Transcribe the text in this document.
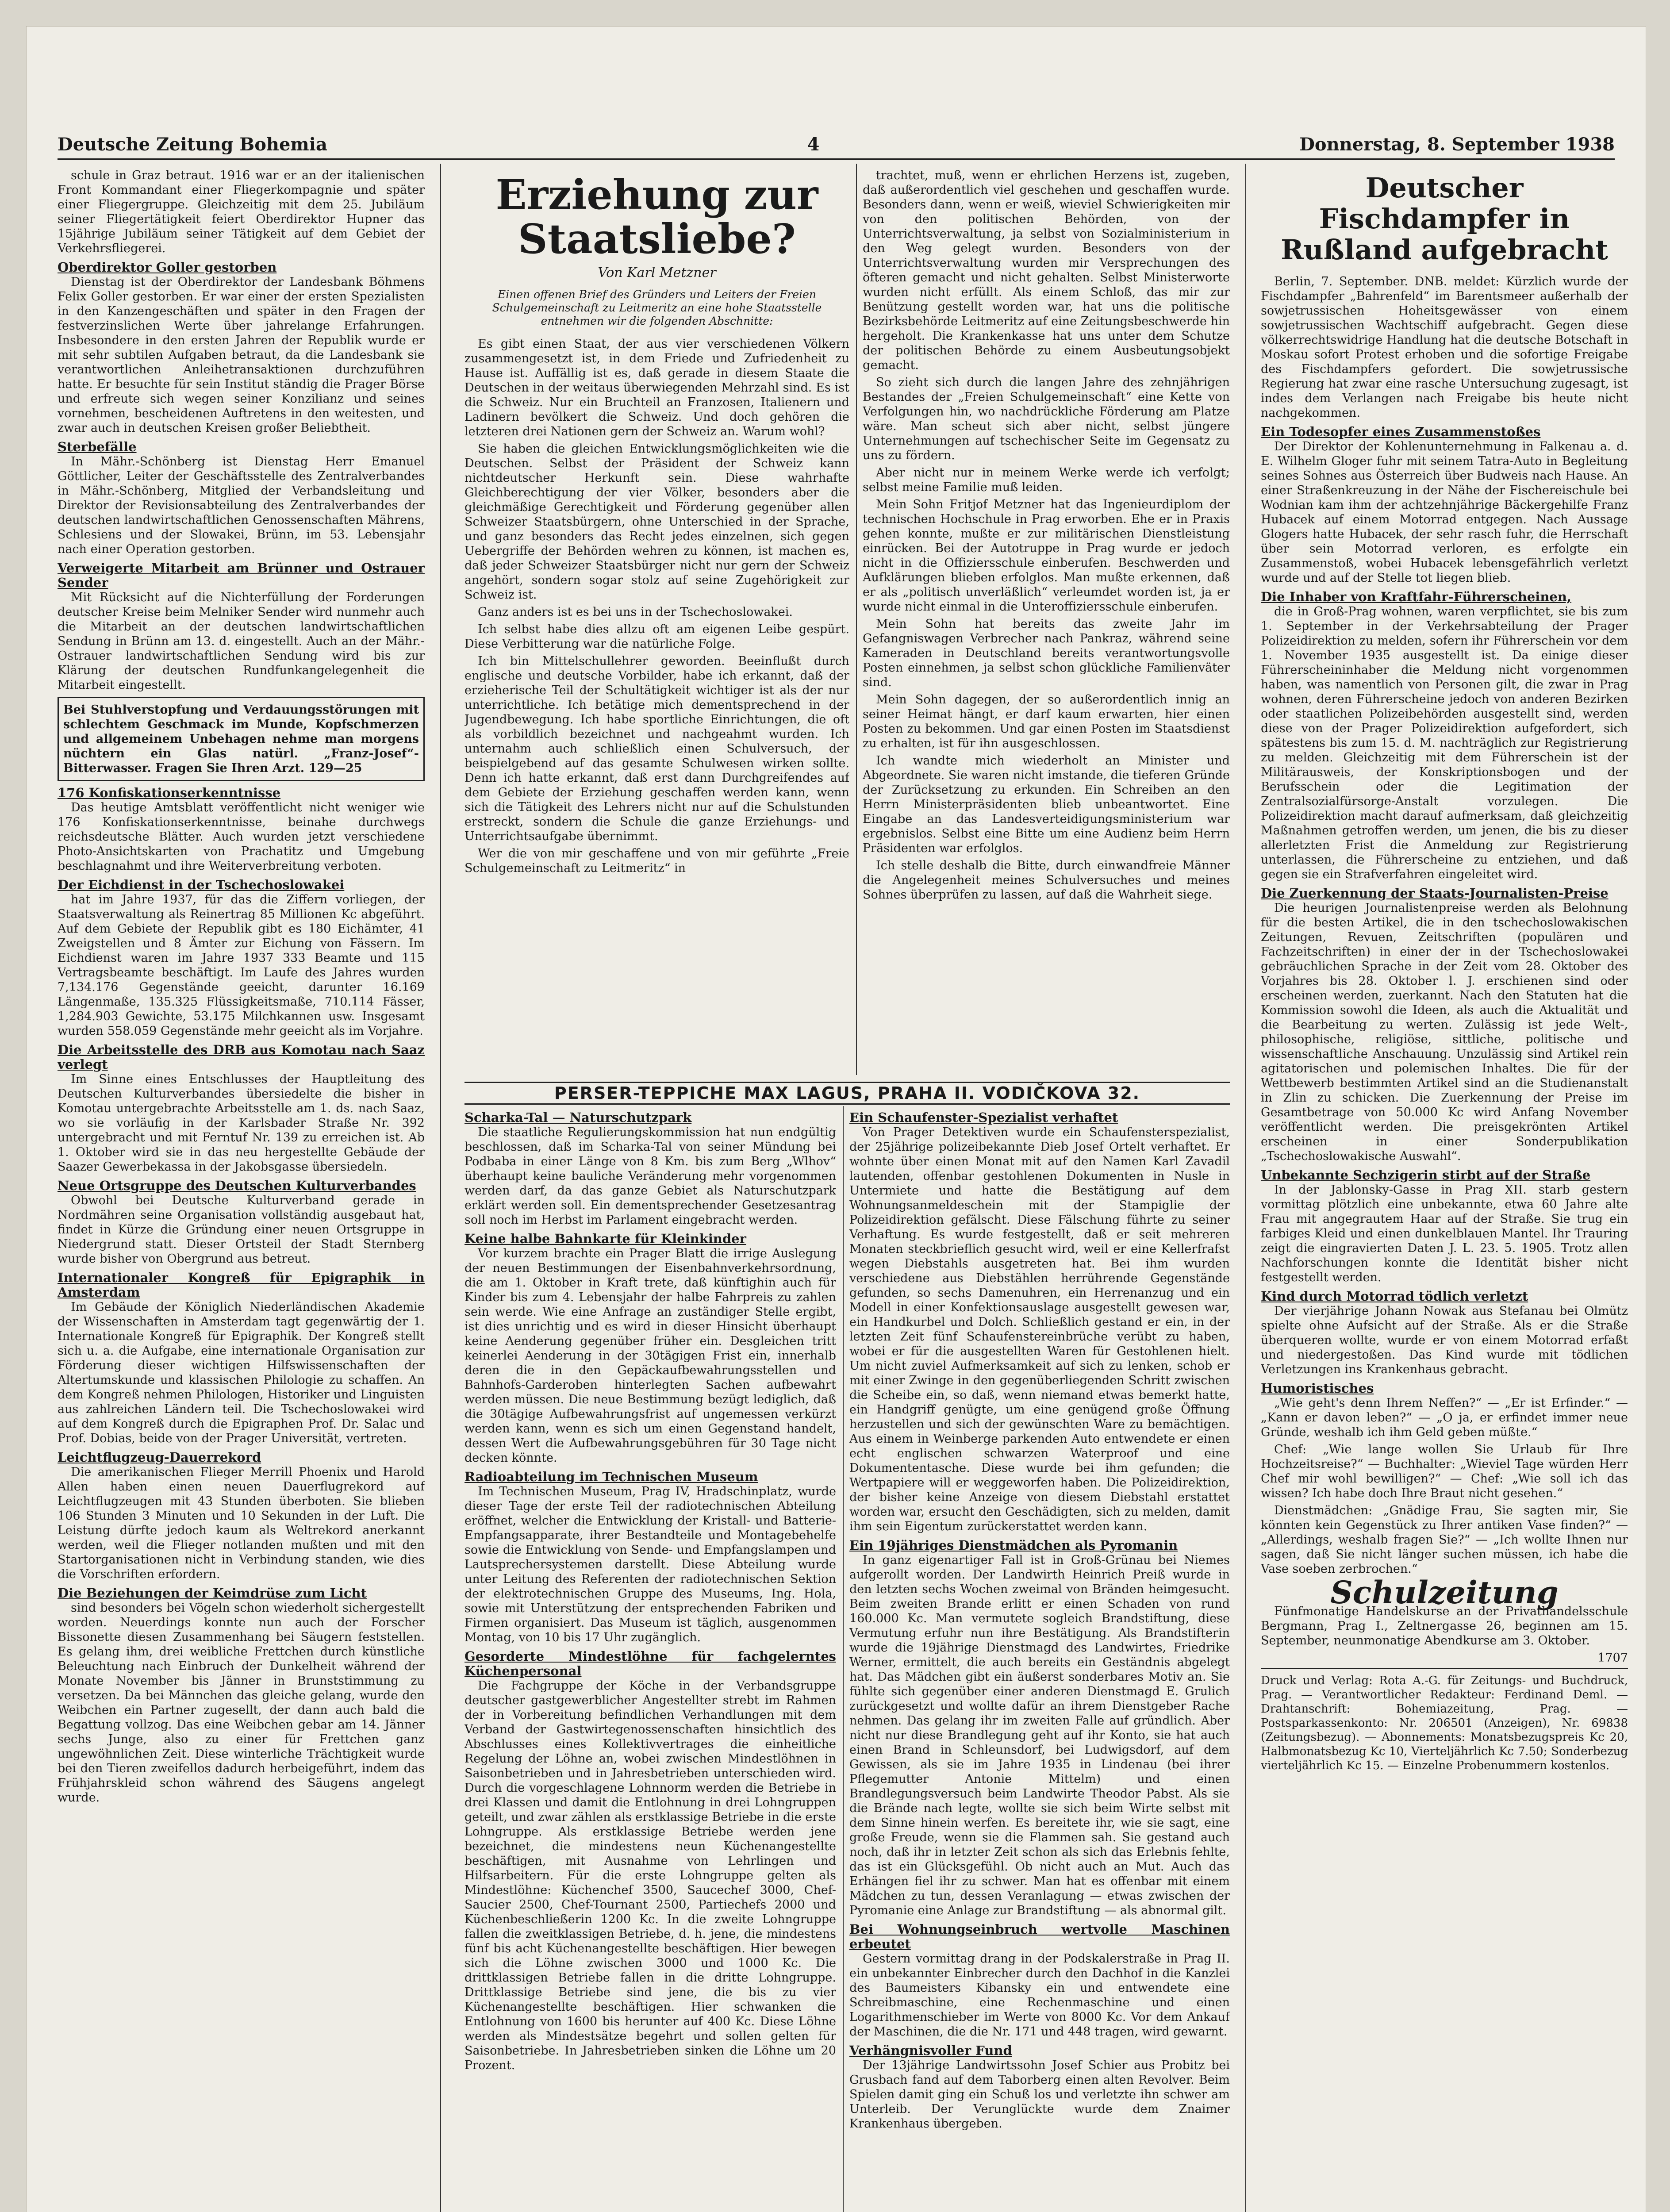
Deutsche Zeitung Bohemia	4	Donnerstag, 8. September 1938

schule in Graz betraut. 1916 war er an der italienischen Front Kommandant einer Fliegerkompagnie und später einer Fliegergruppe. Gleichzeitig mit dem 25. Jubiläum seiner Fliegertätigkeit feiert Oberdirektor Hupner das 15jährige Jubiläum seiner Tätigkeit auf dem Gebiet der Verkehrsfliegerei.

Oberdirektor Goller gestorben

Dienstag ist der Oberdirektor der Landesbank Böhmens Felix Goller gestorben. Er war einer der ersten Spezialisten in den Kanzengeschäften und später in den Fragen der festverzinslichen Werte über jahrelange Erfahrungen. Insbesondere in den ersten Jahren der Republik wurde er mit sehr subtilen Aufgaben betraut, da die Landesbank sie verantwortlichen Anleihetransaktionen durchzuführen hatte. Er besuchte für sein Institut ständig die Prager Börse und erfreute sich wegen seiner Konzilianz und seines vornehmen, bescheidenen Auftretens in den weitesten, und zwar auch in deutschen Kreisen großer Beliebtheit.

Sterbefälle

In Mähr.-Schönberg ist Dienstag Herr Emanuel Göttlicher, Leiter der Geschäftsstelle des Zentralverbandes in Mähr.-Schönberg, Mitglied der Verbandsleitung und Direktor der Revisionsabteilung des Zentralverbandes der deutschen landwirtschaftlichen Genossenschaften Mährens, Schlesiens und der Slowakei, Brünn, im 53. Lebensjahr nach einer Operation gestorben.

Verweigerte Mitarbeit am Brünner und Ostrauer Sender

Mit Rücksicht auf die Nichterfüllung der Forderungen deutscher Kreise beim Melniker Sender wird nunmehr auch die Mitarbeit an der deutschen landwirtschaftlichen Sendung in Brünn am 13. d. eingestellt. Auch an der Mähr.-Ostrauer landwirtschaftlichen Sendung wird bis zur Klärung der deutschen Rundfunkangelegenheit die Mitarbeit eingestellt.

Bei Stuhlverstopfung und Verdauungsstörungen mit schlechtem Geschmack im Munde, Kopfschmerzen und allgemeinem Unbehagen nehme man morgens nüchtern ein Glas natürl. „Franz-Josef“-Bitterwasser. Fragen Sie Ihren Arzt. 129—25

176 Konfiskationserkenntnisse

Das heutige Amtsblatt veröffentlicht nicht weniger wie 176 Konfiskationserkenntnisse, beinahe durchwegs reichsdeutsche Blätter. Auch wurden jetzt verschiedene Photo-Ansichtskarten von Prachatitz und Umgebung beschlagnahmt und ihre Weiterverbreitung verboten.

Der Eichdienst in der Tschechoslowakei

hat im Jahre 1937, für das die Ziffern vorliegen, der Staatsverwaltung als Reinertrag 85 Millionen Kc abgeführt. Auf dem Gebiete der Republik gibt es 180 Eichämter, 41 Zweigstellen und 8 Ämter zur Eichung von Fässern. Im Eichdienst waren im Jahre 1937 333 Beamte und 115 Vertragsbeamte beschäftigt. Im Laufe des Jahres wurden 7,134.176 Gegenstände geeicht, darunter 16.169 Längenmaße, 135.325 Flüssigkeitsmaße, 710.114 Fässer, 1,284.903 Gewichte, 53.175 Milchkannen usw. Insgesamt wurden 558.059 Gegenstände mehr geeicht als im Vorjahre.

Die Arbeitsstelle des DRB aus Komotau nach Saaz verlegt

Im Sinne eines Entschlusses der Hauptleitung des Deutschen Kulturverbandes übersiedelte die bisher in Komotau untergebrachte Arbeitsstelle am 1. ds. nach Saaz, wo sie vorläufig in der Karlsbader Straße Nr. 392 untergebracht und mit Ferntuf Nr. 139 zu erreichen ist. Ab 1. Oktober wird sie in das neu hergestellte Gebäude der Saazer Gewerbekassa in der Jakobsgasse übersiedeln.

Neue Ortsgruppe des Deutschen Kulturverbandes

Obwohl bei Deutsche Kulturverband gerade in Nordmähren seine Organisation vollständig ausgebaut hat, findet in Kürze die Gründung einer neuen Ortsgruppe in Niedergrund statt. Dieser Ortsteil der Stadt Sternberg wurde bisher von Obergrund aus betreut.

Internationaler Kongreß für Epigraphik in Amsterdam

Im Gebäude der Königlich Niederländischen Akademie der Wissenschaften in Amsterdam tagt gegenwärtig der 1. Internationale Kongreß für Epigraphik. Der Kongreß stellt sich u. a. die Aufgabe, eine internationale Organisation zur Förderung dieser wichtigen Hilfswissenschaften der Altertumskunde und klassischen Philologie zu schaffen. An dem Kongreß nehmen Philologen, Historiker und Linguisten aus zahlreichen Ländern teil. Die Tschechoslowakei wird auf dem Kongreß durch die Epigraphen Prof. Dr. Salac und Prof. Dobias, beide von der Prager Universität, vertreten.

Leichtflugzeug-Dauerrekord

Die amerikanischen Flieger Merrill Phoenix und Harold Allen haben einen neuen Dauerflugrekord auf Leichtflugzeugen mit 43 Stunden überboten. Sie blieben 106 Stunden 3 Minuten und 10 Sekunden in der Luft. Die Leistung dürfte jedoch kaum als Weltrekord anerkannt werden, weil die Flieger notlanden mußten und mit den Startorganisationen nicht in Verbindung standen, wie dies die Vorschriften erfordern.

Die Beziehungen der Keimdrüse zum Licht

sind besonders bei Vögeln schon wiederholt sichergestellt worden. Neuerdings konnte nun auch der Forscher Bissonette diesen Zusammenhang bei Säugern feststellen. Es gelang ihm, drei weibliche Frettchen durch künstliche Beleuchtung nach Einbruch der Dunkelheit während der Monate November bis Jänner in Brunststimmung zu versetzen. Da bei Männchen das gleiche gelang, wurde den Weibchen ein Partner zugesellt, der dann auch bald die Begattung vollzog. Das eine Weibchen gebar am 14. Jänner sechs Junge, also zu einer für Frettchen ganz ungewöhnlichen Zeit. Diese winterliche Trächtigkeit wurde bei den Tieren zweifellos dadurch herbeigeführt, indem das Frühjahrskleid schon während des Säugens angelegt wurde.

Erziehung zur Staatsliebe?
Von Karl Metzner

Einen offenen Brief des Gründers und Leiters der Freien Schulgemeinschaft zu Leitmeritz an eine hohe Staatsstelle entnehmen wir die folgenden Abschnitte:

Es gibt einen Staat, der aus vier verschiedenen Völkern zusammengesetzt ist, in dem Friede und Zufriedenheit zu Hause ist. Auffällig ist es, daß gerade in diesem Staate die Deutschen in der weitaus überwiegenden Mehrzahl sind. Es ist die Schweiz. Nur ein Bruchteil an Franzosen, Italienern und Ladinern bevölkert die Schweiz. Und doch gehören die letzteren drei Nationen gern der Schweiz an. Warum wohl?

Sie haben die gleichen Entwicklungsmöglichkeiten wie die Deutschen. Selbst der Präsident der Schweiz kann nichtdeutscher Herkunft sein. Diese wahrhafte Gleichberechtigung der vier Völker, besonders aber die gleichmäßige Gerechtigkeit und Förderung gegenüber allen Schweizer Staatsbürgern, ohne Unterschied in der Sprache, und ganz besonders das Recht jedes einzelnen, sich gegen Uebergriffe der Behörden wehren zu können, ist machen es, daß jeder Schweizer Staatsbürger nicht nur gern der Schweiz angehört, sondern sogar stolz auf seine Zugehörigkeit zur Schweiz ist.

Ganz anders ist es bei uns in der Tschechoslowakei.

Ich selbst habe dies allzu oft am eigenen Leibe gespürt. Diese Verbitterung war die natürliche Folge.

Ich bin Mittelschullehrer geworden. Beeinflußt durch englische und deutsche Vorbilder, habe ich erkannt, daß der erzieherische Teil der Schultätigkeit wichtiger ist als der nur unterrichtliche. Ich betätige mich dementsprechend in der Jugendbewegung. Ich habe sportliche Einrichtungen, die oft als vorbildlich bezeichnet und nachgeahmt wurden. Ich unternahm auch schließlich einen Schulversuch, der beispielgebend auf das gesamte Schulwesen wirken sollte. Denn ich hatte erkannt, daß erst dann Durchgreifendes auf dem Gebiete der Erziehung geschaffen werden kann, wenn sich die Tätigkeit des Lehrers nicht nur auf die Schulstunden erstreckt, sondern die Schule die ganze Erziehungs- und Unterrichtsaufgabe übernimmt.

Wer die von mir geschaffene und von mir geführte „Freie Schulgemeinschaft zu Leitmeritz“ in

trachtet, muß, wenn er ehrlichen Herzens ist, zugeben, daß außerordentlich viel geschehen und geschaffen wurde. Besonders dann, wenn er weiß, wieviel Schwierigkeiten mir von den politischen Behörden, von der Unterrichtsverwaltung, ja selbst von Sozialministerium in den Weg gelegt wurden. Besonders von der Unterrichtsverwaltung wurden mir Versprechungen des öfteren gemacht und nicht gehalten. Selbst Ministerworte wurden nicht erfüllt. Als einem Schloß, das mir zur Benützung gestellt worden war, hat uns die politische Bezirksbehörde Leitmeritz auf eine Zeitungsbeschwerde hin hergeholt. Die Krankenkasse hat uns unter dem Schutze der politischen Behörde zu einem Ausbeutungsobjekt gemacht.

So zieht sich durch die langen Jahre des zehnjährigen Bestandes der „Freien Schulgemeinschaft“ eine Kette von Verfolgungen hin, wo nachdrückliche Förderung am Platze wäre. Man scheut sich aber nicht, selbst jüngere Unternehmungen auf tschechischer Seite im Gegensatz zu uns zu fördern.

Aber nicht nur in meinem Werke werde ich verfolgt; selbst meine Familie muß leiden.

Mein Sohn Fritjof Metzner hat das Ingenieurdiplom der technischen Hochschule in Prag erworben. Ehe er in Praxis gehen konnte, mußte er zur militärischen Dienstleistung einrücken. Bei der Autotruppe in Prag wurde er jedoch nicht in die Offiziersschule einberufen. Beschwerden und Aufklärungen blieben erfolglos. Man mußte erkennen, daß er als „politisch unverläßlich“ verleumdet worden ist, ja er wurde nicht einmal in die Unteroffiziersschule einberufen.

Mein Sohn hat bereits das zweite Jahr im Gefangniswagen Verbrecher nach Pankraz, während seine Kameraden in Deutschland bereits verantwortungsvolle Posten einnehmen, ja selbst schon glückliche Familienväter sind.

Mein Sohn dagegen, der so außerordentlich innig an seiner Heimat hängt, er darf kaum erwarten, hier einen Posten zu bekommen. Und gar einen Posten im Staatsdienst zu erhalten, ist für ihn ausgeschlossen.

Ich wandte mich wiederholt an Minister und Abgeordnete. Sie waren nicht imstande, die tieferen Gründe der Zurücksetzung zu erkunden. Ein Schreiben an den Herrn Ministerpräsidenten blieb unbeantwortet. Eine Eingabe an das Landesverteidigungsministerium war ergebnislos. Selbst eine Bitte um eine Audienz beim Herrn Präsidenten war erfolglos.

Ich stelle deshalb die Bitte, durch einwandfreie Männer die Angelegenheit meines Schulversuches und meines Sohnes überprüfen zu lassen, auf daß die Wahrheit siege.

Deutscher Fischdampfer in Rußland aufgebracht

Berlin, 7. September. DNB. meldet: Kürzlich wurde der Fischdampfer „Bahrenfeld“ im Barentsmeer außerhalb der sowjetrussischen Hoheitsgewässer von einem sowjetrussischen Wachtschiff aufgebracht. Gegen diese völkerrechtswidrige Handlung hat die deutsche Botschaft in Moskau sofort Protest erhoben und die sofortige Freigabe des Fischdampfers gefordert. Die sowjetrussische Regierung hat zwar eine rasche Untersuchung zugesagt, ist indes dem Verlangen nach Freigabe bis heute nicht nachgekommen.

Ein Todesopfer eines Zusammenstoßes

Der Direktor der Kohlenunternehmung in Falkenau a. d. E. Wilhelm Gloger fuhr mit seinem Tatra-Auto in Begleitung seines Sohnes aus Österreich über Budweis nach Hause. An einer Straßenkreuzung in der Nähe der Fischereischule bei Wodnian kam ihm der achtzehnjährige Bäckergehilfe Franz Hubacek auf einem Motorrad entgegen. Nach Aussage Glogers hatte Hubacek, der sehr rasch fuhr, die Herrschaft über sein Motorrad verloren, es erfolgte ein Zusammenstoß, wobei Hubacek lebensgefährlich verletzt wurde und auf der Stelle tot liegen blieb.

Die Inhaber von Kraftfahr-Führerscheinen,

die in Groß-Prag wohnen, waren verpflichtet, sie bis zum 1. September in der Verkehrsabteilung der Prager Polizeidirektion zu melden, sofern ihr Führerschein vor dem 1. November 1935 ausgestellt ist. Da einige dieser Führerscheininhaber die Meldung nicht vorgenommen haben, was namentlich von Personen gilt, die zwar in Prag wohnen, deren Führerscheine jedoch von anderen Bezirken oder staatlichen Polizeibehörden ausgestellt sind, werden diese von der Prager Polizeidirektion aufgefordert, sich spätestens bis zum 15. d. M. nachträglich zur Registrierung zu melden. Gleichzeitig mit dem Führerschein ist der Militärausweis, der Konskriptionsbogen und der Berufsschein oder die Legitimation der Zentralsozialfürsorge-Anstalt vorzulegen. Die Polizeidirektion macht darauf aufmerksam, daß gleichzeitig Maßnahmen getroffen werden, um jenen, die bis zu dieser allerletzten Frist die Anmeldung zur Registrierung unterlassen, die Führerscheine zu entziehen, und daß gegen sie ein Strafverfahren eingeleitet wird.

Die Zuerkennung der Staats-Journalisten-Preise

Die heurigen Journalistenpreise werden als Belohnung für die besten Artikel, die in den tschechoslowakischen Zeitungen, Revuen, Zeitschriften (populären und Fachzeitschriften) in einer der in der Tschechoslowakei gebräuchlichen Sprache in der Zeit vom 28. Oktober des Vorjahres bis 28. Oktober l. J. erschienen sind oder erscheinen werden, zuerkannt. Nach den Statuten hat die Kommission sowohl die Ideen, als auch die Aktualität und die Bearbeitung zu werten. Zulässig ist jede Welt-, philosophische, religiöse, sittliche, politische und wissenschaftliche Anschauung. Unzulässig sind Artikel rein agitatorischen und polemischen Inhaltes. Die für der Wettbewerb bestimmten Artikel sind an die Studienanstalt in Zlin zu schicken. Die Zuerkennung der Preise im Gesamtbetrage von 50.000 Kc wird Anfang November veröffentlicht werden. Die preisgekrönten Artikel erscheinen in einer Sonderpublikation „Tschechoslowakische Auswahl“.

Unbekannte Sechzigerin stirbt auf der Straße

In der Jablonsky-Gasse in Prag XII. starb gestern vormittag plötzlich eine unbekannte, etwa 60 Jahre alte Frau mit angegrautem Haar auf der Straße. Sie trug ein farbiges Kleid und einen dunkelblauen Mantel. Ihr Trauring zeigt die eingravierten Daten J. L. 23. 5. 1905. Trotz allen Nachforschungen konnte die Identität bisher nicht festgestellt werden.

Kind durch Motorrad tödlich verletzt

Der vierjährige Johann Nowak aus Stefanau bei Olmütz spielte ohne Aufsicht auf der Straße. Als er die Straße überqueren wollte, wurde er von einem Motorrad erfaßt und niedergestoßen. Das Kind wurde mit tödlichen Verletzungen ins Krankenhaus gebracht.

Humoristisches

„Wie geht's denn Ihrem Neffen?“ — „Er ist Erfinder.“ — „Kann er davon leben?“ — „O ja, er erfindet immer neue Gründe, weshalb ich ihm Geld geben müßte.“

Chef: „Wie lange wollen Sie Urlaub für Ihre Hochzeitsreise?“ — Buchhalter: „Wieviel Tage würden Herr Chef mir wohl bewilligen?“ — Chef: „Wie soll ich das wissen? Ich habe doch Ihre Braut nicht gesehen.“

Dienstmädchen: „Gnädige Frau, Sie sagten mir, Sie könnten kein Gegenstück zu Ihrer antiken Vase finden?“ — „Allerdings, weshalb fragen Sie?“ — „Ich wollte Ihnen nur sagen, daß Sie nicht länger suchen müssen, ich habe die Vase soeben zerbrochen.“

Schulzeitung

Fünfmonatige Handelskurse an der Privathandelsschule Bergmann, Prag I., Zeltnergasse 26, beginnen am 15. September, neunmonatige Abendkurse am 3. Oktober.

1707

Druck und Verlag: Rota A.-G. für Zeitungs- und Buchdruck, Prag. — Verantwortlicher Redakteur: Ferdinand Deml. — Drahtanschrift: Bohemiazeitung, Prag. — Postsparkassenkonto: Nr. 206501 (Anzeigen), Nr. 69838 (Zeitungsbezug). — Abonnements: Monatsbezugspreis Kc 20, Halbmonatsbezug Kc 10, Vierteljährlich Kc 7.50; Sonderbezug vierteljährlich Kc 15. — Einzelne Probenummern kostenlos.

PERSER-TEPPICHE MAX LAGUS, PRAHA II. VODIČKOVA 32.
Scharka-Tal — Naturschutzpark

Die staatliche Regulierungskommission hat nun endgültig beschlossen, daß im Scharka-Tal von seiner Mündung bei Podbaba in einer Länge von 8 Km. bis zum Berg „Wlhov“ überhaupt keine bauliche Veränderung mehr vorgenommen werden darf, da das ganze Gebiet als Naturschutzpark erklärt werden soll. Ein dementsprechender Gesetzesantrag soll noch im Herbst im Parlament eingebracht werden.

Keine halbe Bahnkarte für Kleinkinder

Vor kurzem brachte ein Prager Blatt die irrige Auslegung der neuen Bestimmungen der Eisenbahnverkehrsordnung, die am 1. Oktober in Kraft trete, daß künftighin auch für Kinder bis zum 4. Lebensjahr der halbe Fahrpreis zu zahlen sein werde. Wie eine Anfrage an zuständiger Stelle ergibt, ist dies unrichtig und es wird in dieser Hinsicht überhaupt keine Aenderung gegenüber früher ein. Desgleichen tritt keinerlei Aenderung in der 30tägigen Frist ein, innerhalb deren die in den Gepäckaufbewahrungsstellen und Bahnhofs-Garderoben hinterlegten Sachen aufbewahrt werden müssen. Die neue Bestimmung bezügt lediglich, daß die 30tägige Aufbewahrungsfrist auf ungemessen verkürzt werden kann, wenn es sich um einen Gegenstand handelt, dessen Wert die Aufbewahrungsgebühren für 30 Tage nicht decken könnte.

Radioabteilung im Technischen Museum

Im Technischen Museum, Prag IV, Hradschinplatz, wurde dieser Tage der erste Teil der radiotechnischen Abteilung eröffnet, welcher die Entwicklung der Kristall- und Batterie-Empfangsapparate, ihrer Bestandteile und Montagebehelfe sowie die Entwicklung von Sende- und Empfangslampen und Lautsprechersystemen darstellt. Diese Abteilung wurde unter Leitung des Referenten der radiotechnischen Sektion der elektrotechnischen Gruppe des Museums, Ing. Hola, sowie mit Unterstützung der entsprechenden Fabriken und Firmen organisiert. Das Museum ist täglich, ausgenommen Montag, von 10 bis 17 Uhr zugänglich.

Gesorderte Mindestlöhne für fachgelerntes Küchenpersonal

Die Fachgruppe der Köche in der Verbandsgruppe deutscher gastgewerblicher Angestellter strebt im Rahmen der in Vorbereitung befindlichen Verhandlungen mit dem Verband der Gastwirtegenossenschaften hinsichtlich des Abschlusses eines Kollektivvertrages die einheitliche Regelung der Löhne an, wobei zwischen Mindestlöhnen in Saisonbetrieben und in Jahresbetrieben unterschieden wird. Durch die vorgeschlagene Lohnnorm werden die Betriebe in drei Klassen und damit die Entlohnung in drei Lohngruppen geteilt, und zwar zählen als erstklassige Betriebe in die erste Lohngruppe. Als erstklassige Betriebe werden jene bezeichnet, die mindestens neun Küchenangestellte beschäftigen, mit Ausnahme von Lehrlingen und Hilfsarbeitern. Für die erste Lohngruppe gelten als Mindestlöhne: Küchenchef 3500, Saucechef 3000, Chef-Saucier 2500, Chef-Tournant 2500, Partiechefs 2000 und Küchenbeschließerin 1200 Kc. In die zweite Lohngruppe fallen die zweitklassigen Betriebe, d. h. jene, die mindestens fünf bis acht Küchenangestellte beschäftigen. Hier bewegen sich die Löhne zwischen 3000 und 1000 Kc. Die drittklassigen Betriebe fallen in die dritte Lohngruppe. Drittklassige Betriebe sind jene, die bis zu vier Küchenangestellte beschäftigen. Hier schwanken die Entlohnung von 1600 bis herunter auf 400 Kc. Diese Löhne werden als Mindestsätze begehrt und sollen gelten für Saisonbetriebe. In Jahresbetrieben sinken die Löhne um 20 Prozent.

Ein Schaufenster-Spezialist verhaftet

Von Prager Detektiven wurde ein Schaufensterspezialist, der 25jährige polizeibekannte Dieb Josef Ortelt verhaftet. Er wohnte über einen Monat mit auf den Namen Karl Zavadil lautenden, offenbar gestohlenen Dokumenten in Nusle in Untermiete und hatte die Bestätigung auf dem Wohnungsanmeldeschein mit der Stampiglie der Polizeidirektion gefälscht. Diese Fälschung führte zu seiner Verhaftung. Es wurde festgestellt, daß er seit mehreren Monaten steckbrieflich gesucht wird, weil er eine Kellerfrafst wegen Diebstahls ausgetreten hat. Bei ihm wurden verschiedene aus Diebstählen herrührende Gegenstände gefunden, so sechs Damenuhren, ein Herrenanzug und ein Modell in einer Konfektionsauslage ausgestellt gewesen war, ein Handkurbel und Dolch. Schließlich gestand er ein, in der letzten Zeit fünf Schaufenstereinbrüche verübt zu haben, wobei er für die ausgestellten Waren für Gestohlenen hielt. Um nicht zuviel Aufmerksamkeit auf sich zu lenken, schob er mit einer Zwinge in den gegenüberliegenden Schritt zwischen die Scheibe ein, so daß, wenn niemand etwas bemerkt hatte, ein Handgriff genügte, um eine genügend große Öffnung herzustellen und sich der gewünschten Ware zu bemächtigen. Aus einem in Weinberge parkenden Auto entwendete er einen echt englischen schwarzen Waterproof und eine Dokumententasche. Diese wurde bei ihm gefunden; die Wertpapiere will er weggeworfen haben. Die Polizeidirektion, der bisher keine Anzeige von diesem Diebstahl erstattet worden war, ersucht den Geschädigten, sich zu melden, damit ihm sein Eigentum zurückerstattet werden kann.

Ein 19jähriges Dienstmädchen als Pyromanin

In ganz eigenartiger Fall ist in Groß-Grünau bei Niemes aufgerollt worden. Der Landwirth Heinrich Preiß wurde in den letzten sechs Wochen zweimal von Bränden heimgesucht. Beim zweiten Brande erlitt er einen Schaden von rund 160.000 Kc. Man vermutete sogleich Brandstiftung, diese Vermutung erfuhr nun ihre Bestätigung. Als Brandstifterin wurde die 19jährige Dienstmagd des Landwirtes, Friedrike Werner, ermittelt, die auch bereits ein Geständnis abgelegt hat. Das Mädchen gibt ein äußerst sonderbares Motiv an. Sie fühlte sich gegenüber einer anderen Dienstmagd E. Grulich zurückgesetzt und wollte dafür an ihrem Dienstgeber Rache nehmen. Das gelang ihr im zweiten Falle auf gründlich. Aber nicht nur diese Brandlegung geht auf ihr Konto, sie hat auch einen Brand in Schleunsdorf, bei Ludwigsdorf, auf dem Gewissen, als sie im Jahre 1935 in Lindenau (bei ihrer Pflegemutter Antonie Mittelm) und einen Brandlegungsversuch beim Landwirte Theodor Pabst. Als sie die Brände nach legte, wollte sie sich beim Wirte selbst mit dem Sinne hinein werfen. Es bereitete ihr, wie sie sagt, eine große Freude, wenn sie die Flammen sah. Sie gestand auch noch, daß ihr in letzter Zeit schon als sich das Erlebnis fehlte, das ist ein Glücksgefühl. Ob nicht auch an Mut. Auch das Erhängen fiel ihr zu schwer. Man hat es offenbar mit einem Mädchen zu tun, dessen Veranlagung — etwas zwischen der Pyromanie eine Anlage zur Brandstiftung — als abnormal gilt.

Bei Wohnungseinbruch wertvolle Maschinen erbeutet

Gestern vormittag drang in der Podskalerstraße in Prag II. ein unbekannter Einbrecher durch den Dachhof in die Kanzlei des Baumeisters Kibansky ein und entwendete eine Schreibmaschine, eine Rechenmaschine und einen Logarithmenschieber im Werte von 8000 Kc. Vor dem Ankauf der Maschinen, die die Nr. 171 und 448 tragen, wird gewarnt.

Verhängnisvoller Fund

Der 13jährige Landwirtssohn Josef Schier aus Probitz bei Grusbach fand auf dem Taborberg einen alten Revolver. Beim Spielen damit ging ein Schuß los und verletzte ihn schwer am Unterleib. Der Verunglückte wurde dem Znaimer Krankenhaus übergeben.
